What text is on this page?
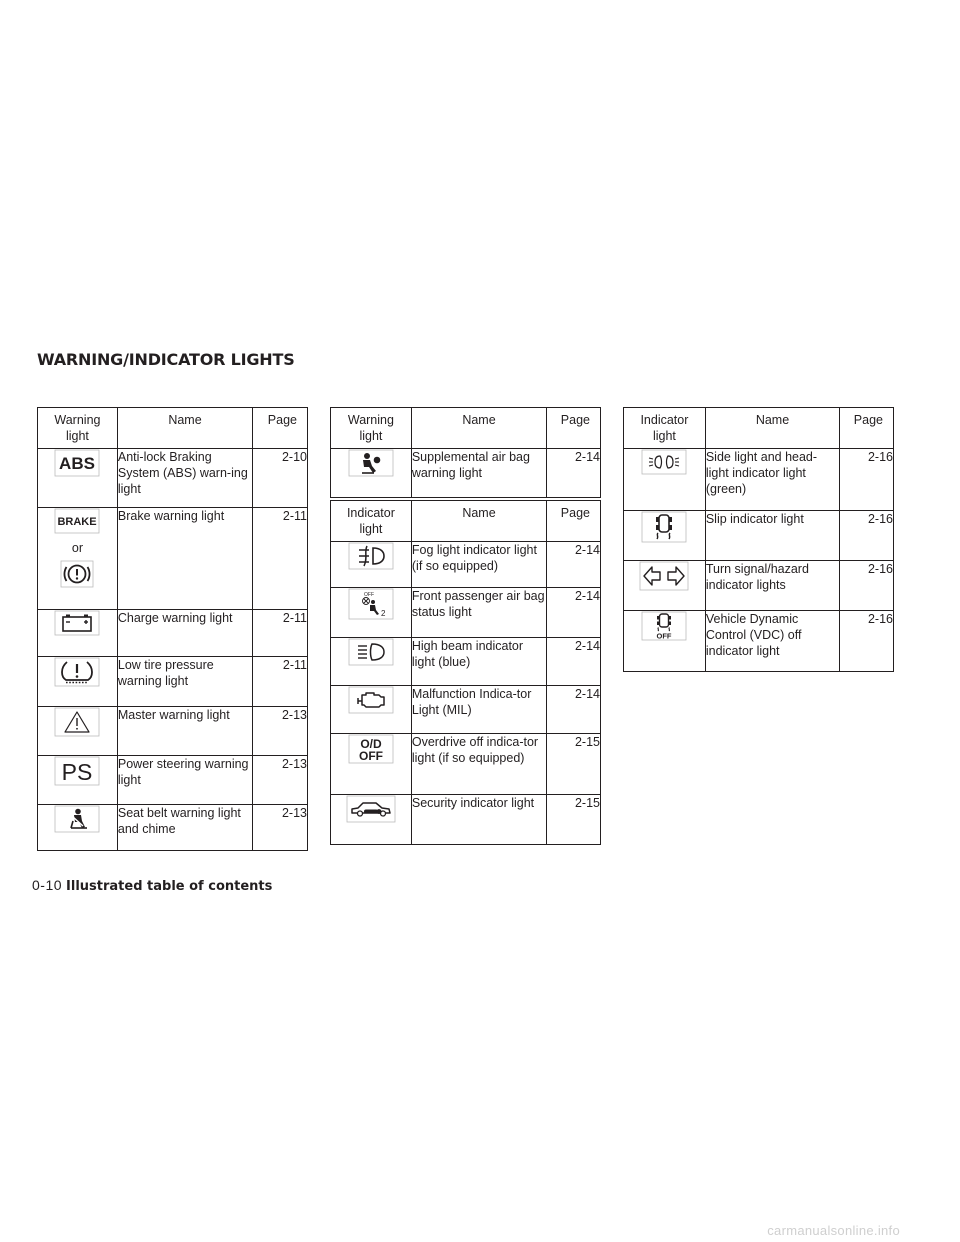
WARNING/INDICATOR LIGHTS
Warning light	Name	Page

ABS	Anti-lock Braking System (ABS) warn-ing light	2-10

BRAKE
or	Brake warning light	2-11
	Charge warning light	2-11
	Low tire pressure warning light	2-11
	Master warning light	2-13

PS	Power steering warning light	2-13
	Seat belt warning light and chime	2-13
Warning light	Name	Page
	Supplemental air bag warning light	2-14
Indicator light	Name	Page
	Fog light indicator light (if so equipped)	2-14

OFF
2	Front passenger air bag status light	2-14
	High beam indicator light (blue)	2-14
	Malfunction Indica-tor Light (MIL)	2-14

O/D
OFF	Overdrive off indica-tor light (if so equipped)	2-15
	Security indicator light	2-15
Indicator light	Name	Page
	Side light and head-light indicator light (green)	2-16
	Slip indicator light	2-16
	Turn signal/hazard indicator lights	2-16

OFF	Vehicle Dynamic Control (VDC) off indicator light	2-16
0-10 Illustrated table of contents
carmanualsonline.info
